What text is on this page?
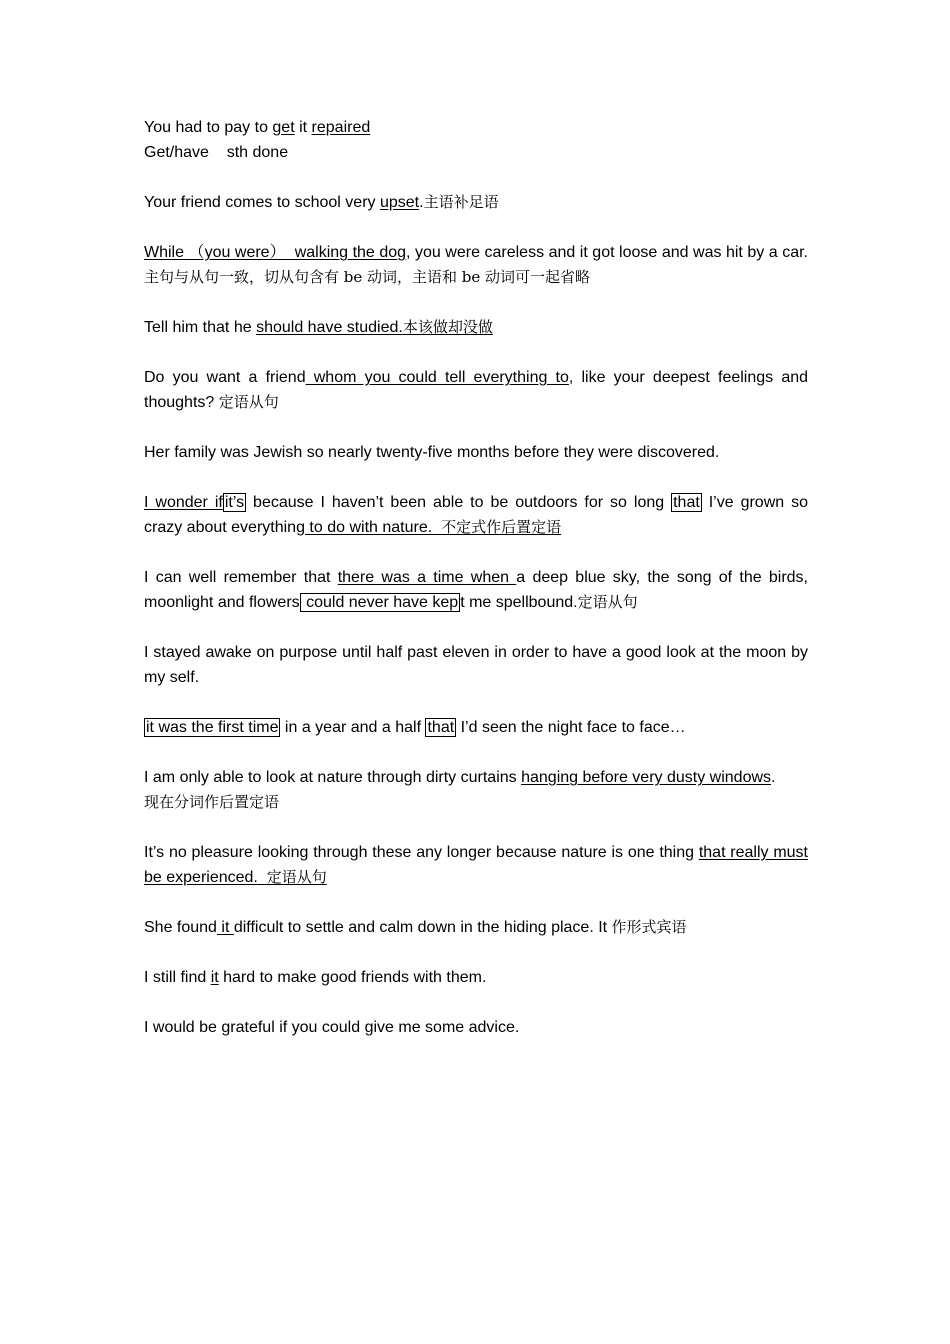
You had to pay to get it repaired

Get/have    sth done

Your friend comes to school very upset.主语补足语

While （you were）  walking the dog, you were careless and it got loose and was hit by a car.主句与从句一致，切从句含有 be 动词，主语和 be 动词可一起省略

Tell him that he should have studied.本该做却没做

Do you want a friend whom you could tell everything to, like your deepest feelings and thoughts? 定语从句

Her family was Jewish so nearly twenty-five months before they were discovered.

I wonder if it’s because I haven’t been able to be outdoors for so long that I’ve grown so crazy about everything to do with nature.  不定式作后置定语

I can well remember that there was a time when a deep blue sky, the song of the birds, moonlight and flowers could never have kep t me spellbound.定语从句

I stayed awake on purpose until half past eleven in order to have a good look at the moon by my self.

it was the first time in a year and a half that I’d seen the night face to face…

I am only able to look at nature through dirty curtains hanging before very dusty windows.
现在分词作后置定语

It’s no pleasure looking through these any longer because nature is one thing that really must be experienced. 定语从句

She found it difficult to settle and calm down in the hiding place. It 作形式宾语

I still find it hard to make good friends with them.

I would be grateful if you could give me some advice.
